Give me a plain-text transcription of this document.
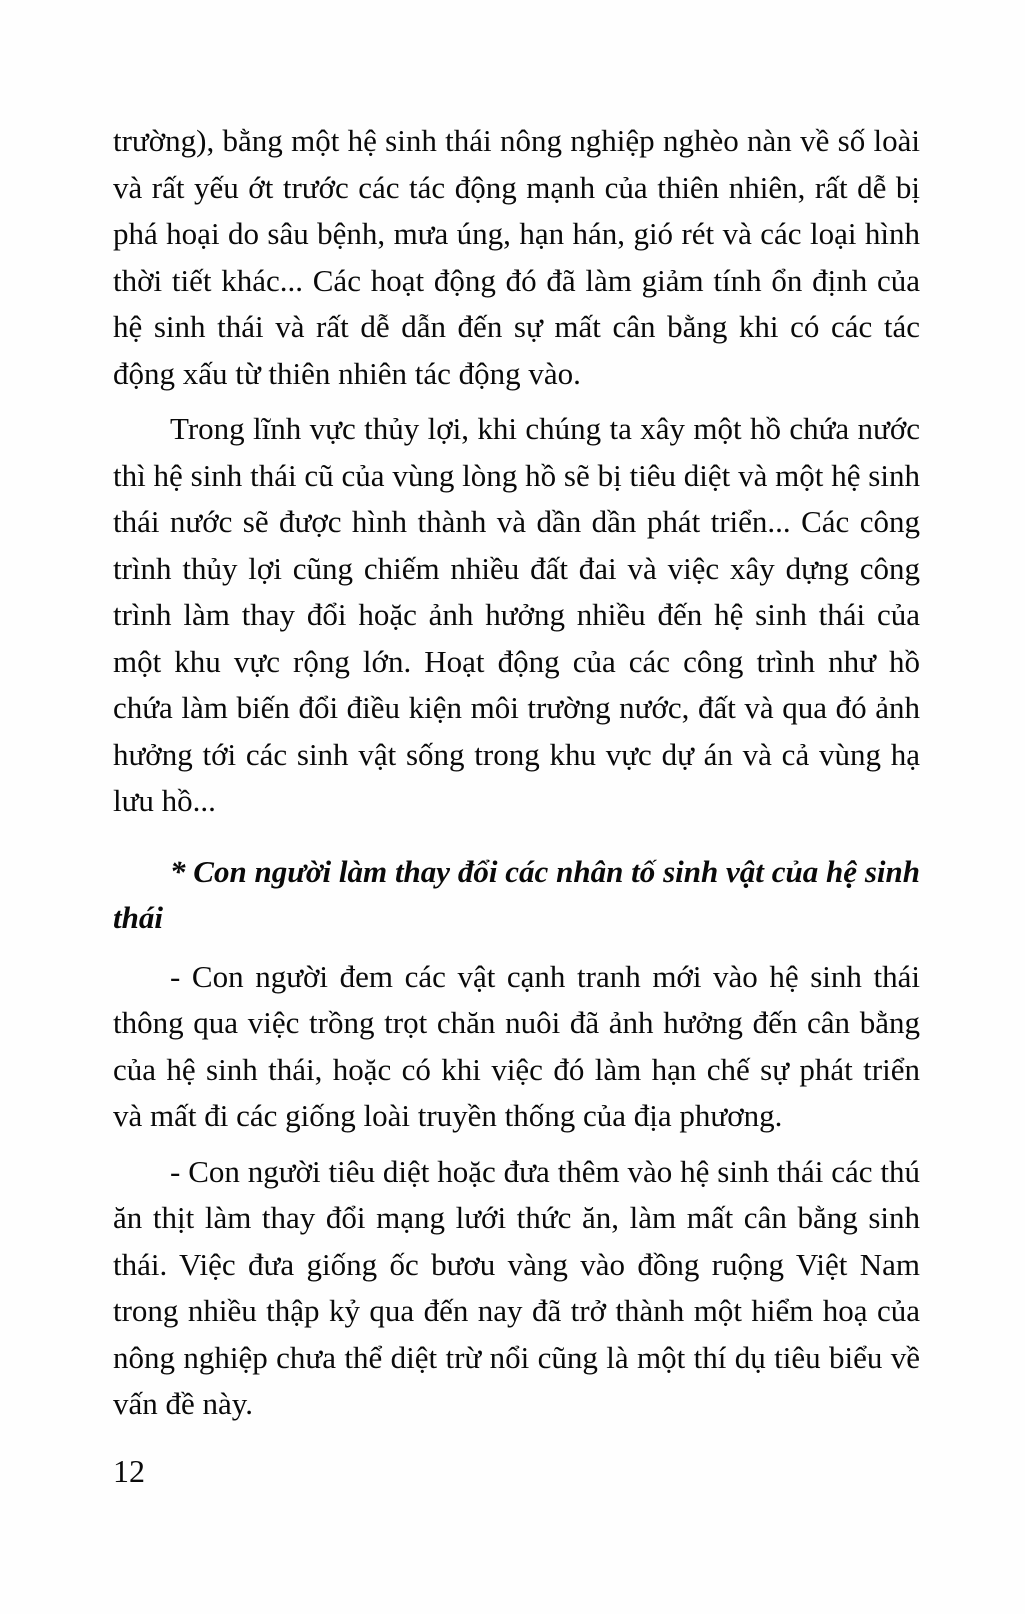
trường), bằng một hệ sinh thái nông nghiệp nghèo nàn về số loài và rất yếu ớt trước các tác động mạnh của thiên nhiên, rất dễ bị phá hoại do sâu bệnh, mưa úng, hạn hán, gió rét và các loại hình thời tiết khác... Các hoạt động đó đã làm giảm tính ổn định của hệ sinh thái và rất dễ dẫn đến sự mất cân bằng khi có các tác động xấu từ thiên nhiên tác động vào.

Trong lĩnh vực thủy lợi, khi chúng ta xây một hồ chứa nước thì hệ sinh thái cũ của vùng lòng hồ sẽ bị tiêu diệt và một hệ sinh thái nước sẽ được hình thành và dần dần phát triển... Các công trình thủy lợi cũng chiếm nhiều đất đai và việc xây dựng công trình làm thay đổi hoặc ảnh hưởng nhiều đến hệ sinh thái của một khu vực rộng lớn. Hoạt động của các công trình như hồ chứa làm biến đổi điều kiện môi trường nước, đất và qua đó ảnh hưởng tới các sinh vật sống trong khu vực dự án và cả vùng hạ lưu hồ...

* Con người làm thay đổi các nhân tố sinh vật của hệ sinh thái

- Con người đem các vật cạnh tranh mới vào hệ sinh thái thông qua việc trồng trọt chăn nuôi đã ảnh hưởng đến cân bằng của hệ sinh thái, hoặc có khi việc đó làm hạn chế sự phát triển và mất đi các giống loài truyền thống của địa phương.

- Con người tiêu diệt hoặc đưa thêm vào hệ sinh thái các thú ăn thịt làm thay đổi mạng lưới thức ăn, làm mất cân bằng sinh thái. Việc đưa giống ốc bươu vàng vào đồng ruộng Việt Nam trong nhiều thập kỷ qua đến nay đã trở thành một hiểm hoạ của nông nghiệp chưa thể diệt trừ nổi cũng là một thí dụ tiêu biểu về vấn đề này.

12
